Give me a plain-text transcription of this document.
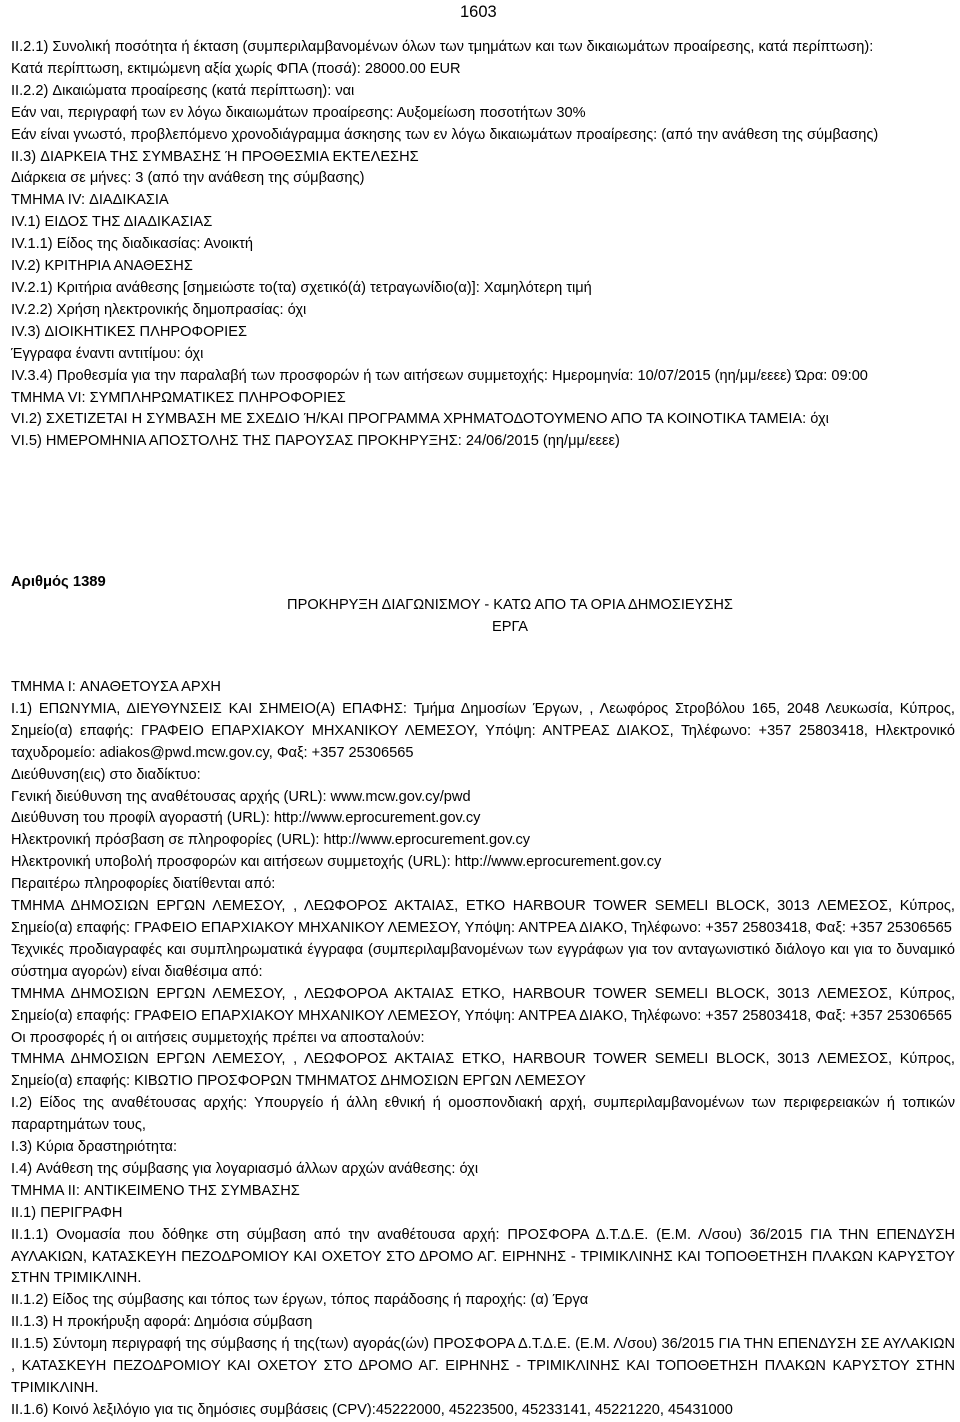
1603

II.2.1) Συνολική ποσότητα ή έκταση (συμπεριλαμβανομένων όλων των τμημάτων και των δικαιωμάτων προαίρεσης, κατά περίπτωση):

Κατά περίπτωση, εκτιμώμενη αξία χωρίς ΦΠΑ (ποσά): 28000.00 EUR

II.2.2) Δικαιώματα προαίρεσης (κατά περίπτωση): ναι

Εάν ναι, περιγραφή των εν λόγω δικαιωμάτων προαίρεσης: Αυξομείωση ποσοτήτων 30%

Εάν είναι γνωστό, προβλεπόμενο χρονοδιάγραμμα άσκησης των εν λόγω δικαιωμάτων προαίρεσης: (από την ανάθεση της σύμβασης)

II.3) ΔΙΑΡΚΕΙΑ ΤΗΣ ΣΥΜΒΑΣΗΣ Ή ΠΡΟΘΕΣΜΙΑ ΕΚΤΕΛΕΣΗΣ

Διάρκεια σε μήνες: 3 (από την ανάθεση της σύμβασης)

ΤΜΗΜΑ IV: ΔΙΑΔΙΚΑΣΙΑ

IV.1) ΕΙΔΟΣ ΤΗΣ ΔΙΑΔΙΚΑΣΙΑΣ

IV.1.1) Είδος της διαδικασίας: Ανοικτή

IV.2) ΚΡΙΤΗΡΙΑ ΑΝΑΘΕΣΗΣ

IV.2.1) Κριτήρια ανάθεσης [σημειώστε το(τα) σχετικό(ά) τετραγωνίδιο(α)]: Χαμηλότερη τιμή

IV.2.2) Χρήση ηλεκτρονικής δημοπρασίας: όχι

IV.3) ΔΙΟΙΚΗΤΙΚΕΣ ΠΛΗΡΟΦΟΡΙΕΣ

Έγγραφα έναντι αντιτίμου: όχι

IV.3.4) Προθεσμία για την παραλαβή των προσφορών ή των αιτήσεων συμμετοχής: Ημερομηνία: 10/07/2015 (ηη/μμ/εεεε) Ώρα: 09:00

ΤΜΗΜΑ VI: ΣΥΜΠΛΗΡΩΜΑΤΙΚΕΣ ΠΛΗΡΟΦΟΡΙΕΣ

VI.2) ΣΧΕΤΙΖΕΤΑΙ Η ΣΥΜΒΑΣΗ ΜΕ ΣΧΕΔΙΟ Ή/ΚΑΙ ΠΡΟΓΡΑΜΜΑ ΧΡΗΜΑΤΟΔΟΤΟΥΜΕΝΟ ΑΠΟ ΤΑ ΚΟΙΝΟΤΙΚΑ ΤΑΜΕΙΑ: όχι

VI.5) ΗΜΕΡΟΜΗΝΙΑ ΑΠΟΣΤΟΛΗΣ ΤΗΣ ΠΑΡΟΥΣΑΣ ΠΡΟΚΗΡΥΞΗΣ: 24/06/2015 (ηη/μμ/εεεε)

Αριθμός 1389
ΠΡΟΚΗΡΥΞΗ ΔΙΑΓΩΝΙΣΜΟΥ - ΚΑΤΩ ΑΠΟ ΤΑ ΟΡΙΑ ΔΗΜΟΣΙΕΥΣΗΣ
ΕΡΓΑ

ΤΜΗΜΑ I: ΑΝΑΘΕΤΟΥΣΑ ΑΡΧΗ

I.1) ΕΠΩΝΥΜΙΑ, ΔΙΕΥΘΥΝΣΕΙΣ ΚΑΙ ΣΗΜΕΙΟ(Α) ΕΠΑΦΗΣ: Τμήμα Δημοσίων Έργων, , Λεωφόρος Στροβόλου 165, 2048 Λευκωσία, Κύπρος, Σημείο(α) επαφής: ΓΡΑΦΕΙΟ ΕΠΑΡΧΙΑΚΟΥ ΜΗΧΑΝΙΚΟΥ ΛΕΜΕΣΟΥ, Υπόψη: ΑΝΤΡΕΑΣ ΔΙΑΚΟΣ, Τηλέφωνο: +357 25803418, Ηλεκτρονικό ταχυδρομείο: adiakos@pwd.mcw.gov.cy, Φαξ: +357 25306565

Διεύθυνση(εις) στο διαδίκτυο:

Γενική διεύθυνση της αναθέτουσας αρχής (URL): www.mcw.gov.cy/pwd

Διεύθυνση του προφίλ αγοραστή (URL): http://www.eprocurement.gov.cy

Ηλεκτρονική πρόσβαση σε πληροφορίες (URL): http://www.eprocurement.gov.cy

Ηλεκτρονική υποβολή προσφορών και αιτήσεων συμμετοχής (URL): http://www.eprocurement.gov.cy

Περαιτέρω πληροφορίες διατίθενται από:

ΤΜΗΜΑ ΔΗΜΟΣΙΩΝ ΕΡΓΩΝ ΛΕΜΕΣΟΥ, , ΛΕΩΦΟΡΟΣ ΑΚΤΑΙΑΣ, ΕΤΚΟ HARBOUR TOWER SEMELI BLOCK, 3013 ΛΕΜΕΣΟΣ, Κύπρος, Σημείο(α) επαφής: ΓΡΑΦΕΙΟ ΕΠΑΡΧΙΑΚΟΥ ΜΗΧΑΝΙΚΟΥ ΛΕΜΕΣΟΥ, Υπόψη: ΑΝΤΡΕΑ ΔΙΑΚΟ, Τηλέφωνο: +357 25803418, Φαξ: +357 25306565

Τεχνικές προδιαγραφές και συμπληρωματικά έγγραφα (συμπεριλαμβανομένων των εγγράφων για τον ανταγωνιστικό διάλογο και για το δυναμικό σύστημα αγορών) είναι διαθέσιμα από:

ΤΜΗΜΑ ΔΗΜΟΣΙΩΝ ΕΡΓΩΝ ΛΕΜΕΣΟΥ, , ΛΕΩΦΟΡΟΑ ΑΚΤΑΙΑΣ ΕΤΚΟ, HARBOUR TOWER SEMELI BLOCK, 3013 ΛΕΜΕΣΟΣ, Κύπρος, Σημείο(α) επαφής: ΓΡΑΦΕΙΟ ΕΠΑΡΧΙΑΚΟΥ ΜΗΧΑΝΙΚΟΥ ΛΕΜΕΣΟΥ, Υπόψη: ΑΝΤΡΕΑ ΔΙΑΚΟ, Τηλέφωνο: +357 25803418, Φαξ: +357 25306565

Οι προσφορές ή οι αιτήσεις συμμετοχής πρέπει να αποσταλούν:

ΤΜΗΜΑ ΔΗΜΟΣΙΩΝ ΕΡΓΩΝ ΛΕΜΕΣΟΥ, , ΛΕΩΦΟΡΟΣ ΑΚΤΑΙΑΣ ΕΤΚΟ, HARBOUR TOWER SEMELI BLOCK, 3013 ΛΕΜΕΣΟΣ, Κύπρος, Σημείο(α) επαφής: ΚΙΒΩΤΙΟ ΠΡΟΣΦΟΡΩΝ ΤΜΗΜΑΤΟΣ ΔΗΜΟΣΙΩΝ ΕΡΓΩΝ ΛΕΜΕΣΟΥ

I.2) Είδος της αναθέτουσας αρχής: Υπουργείο ή άλλη εθνική ή ομοσπονδιακή αρχή, συμπεριλαμβανομένων των περιφερειακών ή τοπικών παραρτημάτων τους,

I.3) Κύρια δραστηριότητα:

I.4) Ανάθεση της σύμβασης για λογαριασμό άλλων αρχών ανάθεσης: όχι

ΤΜΗΜΑ II: ΑΝΤΙΚΕΙΜΕΝΟ ΤΗΣ ΣΥΜΒΑΣΗΣ

II.1) ΠΕΡΙΓΡΑΦΗ

II.1.1) Ονομασία που δόθηκε στη σύμβαση από την αναθέτουσα αρχή: ΠΡΟΣΦΟΡΑ Δ.Τ.Δ.Ε. (Ε.Μ. Λ/σου) 36/2015 ΓΙΑ ΤΗΝ ΕΠΕΝΔΥΣΗ ΑΥΛΑΚΙΩΝ, ΚΑΤΑΣΚΕΥΗ ΠΕΖΟΔΡΟΜΙΟΥ ΚΑΙ ΟΧΕΤΟΥ ΣΤΟ ΔΡΟΜΟ ΑΓ. ΕΙΡΗΝΗΣ - ΤΡΙΜΙΚΛΙΝΗΣ ΚΑΙ ΤΟΠΟΘΕΤΗΣΗ ΠΛΑΚΩΝ ΚΑΡΥΣΤΟΥ ΣΤΗΝ ΤΡΙΜΙΚΛΙΝΗ.

II.1.2) Είδος της σύμβασης και τόπος των έργων, τόπος παράδοσης ή παροχής: (α) Έργα

II.1.3) Η προκήρυξη αφορά: Δημόσια σύμβαση

II.1.5) Σύντομη περιγραφή της σύμβασης ή της(των) αγοράς(ών) ΠΡΟΣΦΟΡΑ Δ.Τ.Δ.Ε. (Ε.Μ. Λ/σου) 36/2015 ΓΙΑ ΤΗΝ ΕΠΕΝΔΥΣΗ ΣΕ ΑΥΛΑΚΙΩΝ , ΚΑΤΑΣΚΕΥΗ ΠΕΖΟΔΡΟΜΙΟΥ ΚΑΙ ΟΧΕΤΟΥ ΣΤΟ ΔΡΟΜΟ ΑΓ. ΕΙΡΗΝΗΣ - ΤΡΙΜΙΚΛΙΝΗΣ ΚΑΙ ΤΟΠΟΘΕΤΗΣΗ ΠΛΑΚΩΝ ΚΑΡΥΣΤΟΥ ΣΤΗΝ ΤΡΙΜΙΚΛΙΝΗ.

II.1.6) Κοινό λεξιλόγιο για τις δημόσιες συμβάσεις (CPV):45222000, 45223500, 45233141, 45221220, 45431000
